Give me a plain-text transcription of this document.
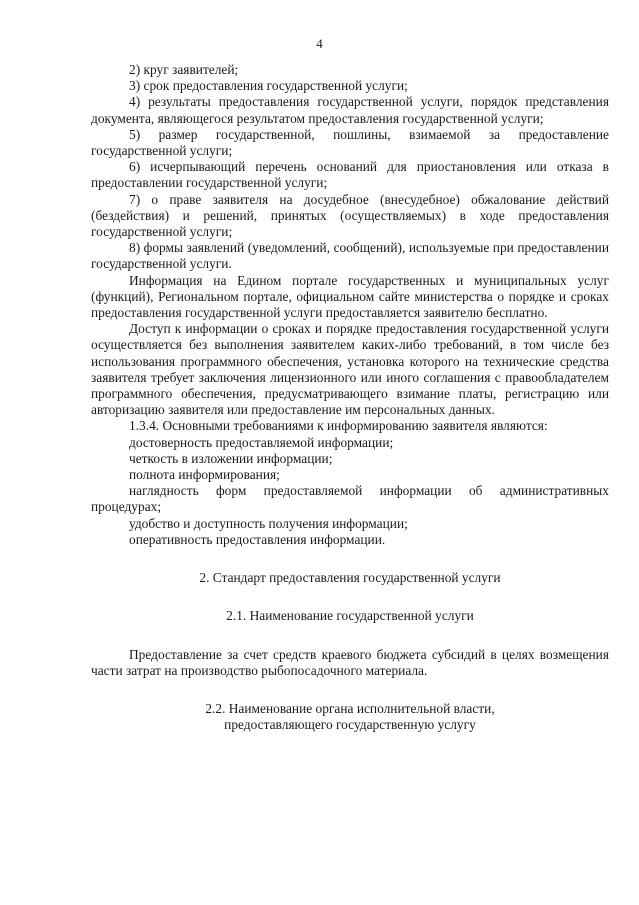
4

2) круг заявителей;

3) срок предоставления государственной услуги;

4) результаты предоставления государственной услуги, порядок представления документа, являющегося результатом предоставления государственной услуги;

5) размер государственной, пошлины, взимаемой за предоставление государственной услуги;

6) исчерпывающий перечень оснований для приостановления или отказа в предоставлении государственной услуги;

7) о праве заявителя на досудебное (внесудебное) обжалование действий (бездействия) и решений, принятых (осуществляемых) в ходе предоставления государственной услуги;

8) формы заявлений (уведомлений, сообщений), используемые при предоставлении государственной услуги.

Информация на Едином портале государственных и муниципальных услуг (функций), Региональном портале, официальном сайте министерства о порядке и сроках предоставления государственной услуги предоставляется заявителю бесплатно.

Доступ к информации о сроках и порядке предоставления государственной услуги осуществляется без выполнения заявителем каких-либо требований, в том числе без использования программного обеспечения, установка которого на технические средства заявителя требует заключения лицензионного или иного соглашения с правообладателем программного обеспечения, предусматривающего взимание платы, регистрацию или авторизацию заявителя или предоставление им персональных данных.

1.3.4. Основными требованиями к информированию заявителя являются:

достоверность предоставляемой информации;

четкость в изложении информации;

полнота информирования;

наглядность форм предоставляемой информации об административных процедурах;

удобство и доступность получения информации;

оперативность предоставления информации.

2. Стандарт предоставления государственной услуги

2.1. Наименование государственной услуги

Предоставление за счет средств краевого бюджета субсидий в целях возмещения части затрат на производство рыбопосадочного материала.

2.2. Наименование органа исполнительной власти,

предоставляющего государственную услугу
